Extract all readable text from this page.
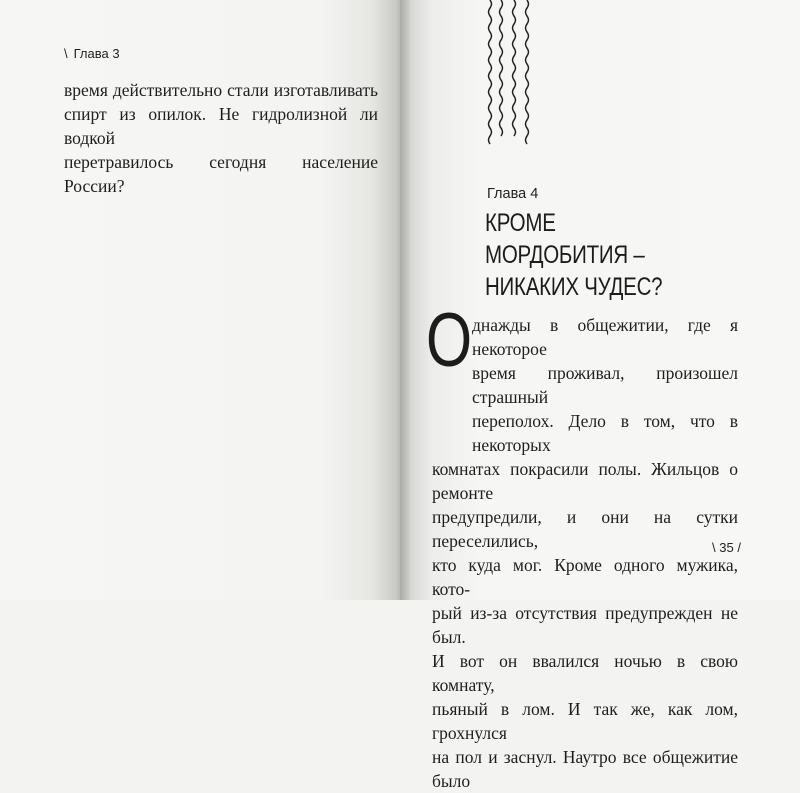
\ Глава 3
время действительно стали изготавливать
спирт из опилок. Не гидролизной ли водкой
перетравилось сегодня население России?	Глава 4
КРОМЕ
МОРДОБИТИЯ –
НИКАКИХ ЧУДЕС?
О днажды в общежитии, где я некоторое
время проживал, произошел страшный
переполох. Дело в том, что в некоторых
комнатах покрасили полы. Жильцов о ремонте
предупредили, и они на сутки переселились,
кто куда мог. Кроме одного мужика, кото-
рый из-за отсутствия предупрежден не был.
И вот он ввалился ночью в свою комнату,
пьяный в лом. И так же, как лом, грохнулся
на пол и заснул. Наутро все общежитие было
\ 35 /
